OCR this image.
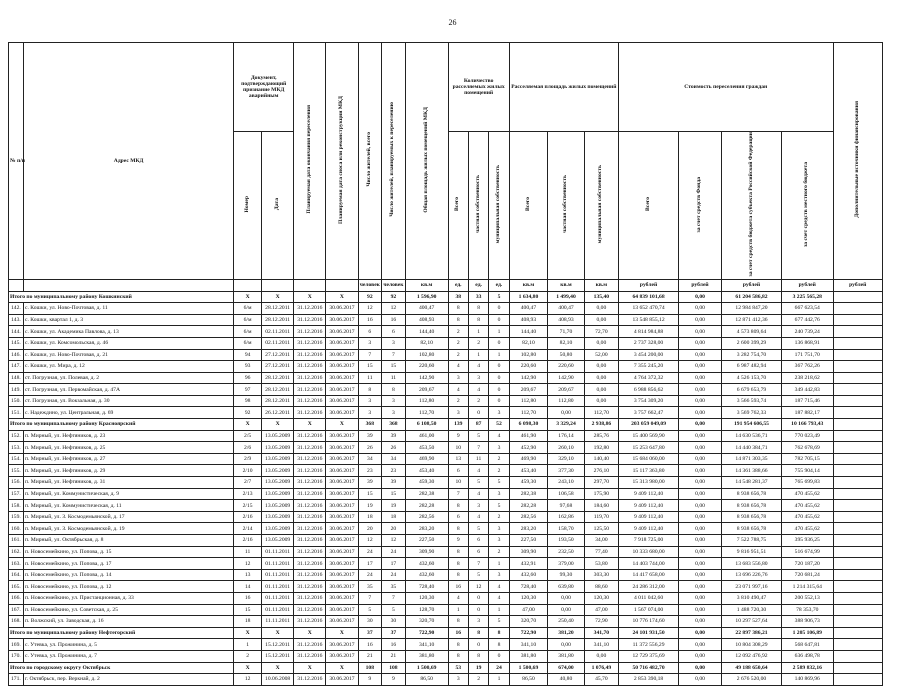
26
№ п/п	Адрес МКД	Документ, подтверждающий признание МКД аварийным		Планируемая дата окончания переселения	Планируемая дата сноса или реконструкции МКД	Число жителей, всего	Число жителей, планируемых к переселению	Общая площадь жилых помещений МКД	Количество расселяемых жилых помещений			Расселяемая площадь жилых помещений			Стоимость переселения граждан				Дополнительные источники финансирования
		Номер	Дата						Всего	частная собственность	муниципальная собственность	Всего	частная собственность	муниципальная собственность	Всего	за счет средств Фонда	за счет средств бюджета субъекта Российской Федерации	за счет средств местного бюджета	
						человек	человек	кв.м	ед.	ед.	ед.	кв.м	кв.м	кв.м	рублей	рублей	рублей	рублей	рублей
Итого по муниципальному району Кошкинский		X	X	X	X	92	92	1 596,90	38	33	5	1 634,80	1 499,40	135,40	64 839 101,68	0,00	61 204 586,82	3 225 565,28	
142.	с. Кошки, ул. Ново-Почтовая, д. 11	6/м	28.12.2011	31.12.2016	30.06.2017	12	12	400,47	8	8	0	400,47	400,47	0,00	13 652 470,74	0,00	12 984 847,20	667 623,54	
143.	с. Кошки, квартал 1, д. 3	6/м	28.12.2011	31.12.2016	30.06.2017	16	16	408,93	8	8	0	408,93	408,93	0,00	13 548 855,12	0,00	12 871 412,36	677 442,76	
144.	с. Кошки, ул. Академика Павлова, д. 13	6/м	02.11.2011	31.12.2016	30.06.2017	6	6	144,40	2	1	1	144,40	71,70	72,70	4 814 984,88	0,00	4 573 809,64	240 739,24	
145.	с. Кошки, ул. Комсомольская, д. 46	6/м	02.11.2011	31.12.2016	30.06.2017	3	3	82,10	2	2	0	82,10	82,10	0,00	2 737 328,00	0,00	2 600 399,29	136 868,91	
146.	с. Кошки, ул. Ново-Почтовая, д. 21	94	27.12.2011	31.12.2016	30.06.2017	7	7	102,80	2	1	1	102,80	50,80	52,00	3 454 200,00	0,00	3 282 754,70	171 751,70	
147.	с. Кошки, ул. Мира, д. 12	93	27.12.2011	31.12.2016	30.06.2017	15	15	220,60	4	4	0	220,60	220,60	0,00	7 355 245,20	0,00	6 987 482,94	367 762,26	
148.	ст. Погрузная, ул. Полевая, д. 2	96	28.12.2011	31.12.2016	30.06.2017	11	11	142,90	3	3	0	142,90	142,90	0,00	4 764 372,32	0,00	4 526 153,70	238 218,62	
149.	ст. Погрузная, ул. Первомайская, д. 47А	97	28.12.2011	31.12.2016	30.06.2017	8	8	209,67	4	4	0	209,67	209,67	0,00	6 988 856,62	0,00	6 679 653,79	349 442,83	
150.	ст. Погрузная, ул. Вокзальная, д. 30	98	28.12.2011	31.12.2016	30.06.2017	3	3	112,80	2	2	0	112,80	112,80	0,00	3 754 309,20	0,00	3 566 593,74	187 715,46	
151.	с. Надеждино, ул. Центральная, д. 69	92	26.12.2011	31.12.2016	30.06.2017	3	3	112,70	3	0	3	112,70	0,00	112,70	3 757 662,47	0,00	3 569 762,33	187 882,17	
Итого по муниципальному району Красноярский		X	X	X	X	368	368	6 108,50	139	87	52	6 098,30	3 329,24	2 938,86	203 059 049,09	0,00	191 954 606,55	10 166 793,43	
152.	п. Мирный, ул. Нефтяников, д. 23	2/5	13.05.2009	31.12.2016	30.06.2017	39	39	461,00	9	5	4	461,90	176,14	285,76	15 400 569,90	0,00	14 630 536,71	770 023,49	
153.	п. Мирный, ул. Нефтяников, д. 25	2/6	13.05.2009	31.12.2016	30.06.2017	26	26	453,50	10	7	3	452,90	260,10	192,80	15 253 647,80	0,00	14 440 384,71	762 678,69	
154.	п. Мирный, ул. Нефтяников, д. 27	2/9	13.05.2009	31.12.2016	30.06.2017	34	34	469,90	13	11	2	469,90	329,10	140,40	15 684 060,00	0,00	14 871 303,35	782 705,15	
155.	п. Мирный, ул. Нефтяников, д. 29	2/10	13.05.2009	31.12.2016	30.06.2017	23	23	453,40	6	4	2	453,40	377,30	276,10	15 117 363,80	0,00	14 361 388,66	755 904,14	
156.	п. Мирный, ул. Нефтяников, д. 31	2/7	13.05.2009	31.12.2016	30.06.2017	39	39	459,30	10	5	5	459,30	243,10	297,70	15 313 980,00	0,00	14 548 281,37	765 699,83	
157.	п. Мирный, ул. Коммунистическая, д. 9	2/13	13.05.2009	31.12.2016	30.06.2017	15	15	282,38	7	4	3	282,38	106,58	175,90	9 409 112,40	0,00	8 938 656,78	470 455,62	
158.	п. Мирный, ул. Коммунистическая, д. 11	2/15	13.05.2009	31.12.2016	30.06.2017	19	19	282,28	8	3	5	282,28	97,68	184,60	9 409 112,40	0,00	8 938 656,78	470 455,62	
159.	п. Мирный, ул. З. Космодемьянской, д. 17	2/16	13.05.2009	31.12.2016	30.06.2017	18	18	282,56	6	4	2	282,56	162,86	119,70	9 409 112,40	0,00	8 938 656,78	470 455,62	
160.	п. Мирный, ул. З. Космодемьянской, д. 19	2/14	13.05.2009	31.12.2016	30.06.2017	20	20	283,20	8	5	3	283,20	158,70	125,50	9 409 112,40	0,00	8 938 656,78	470 455,62	
161.	п. Мирный, ул. Октябрьская, д. 8	2/16	13.05.2009	31.12.2016	30.06.2017	12	12	227,50	9	6	3	227,50	193,50	34,00	7 918 725,00	0,00	7 522 788,75	395 936,25	
162.	п. Новосемейкино, ул. Попова, д. 15	11	01.11.2011	31.12.2016	30.06.2017	24	24	309,90	8	6	2	309,90	232,50	77,40	10 333 680,00	0,00	9 816 951,51	516 674,99	
163.	п. Новосемейкино, ул. Попова, д. 17	12	01.11.2011	31.12.2016	30.06.2017	17	17	432,60	8	7	1	432,91	379,00	53,80	14 403 744,00	0,00	13 683 556,80	720 187,20	
164.	п. Новосемейкино, ул. Попова, д. 14	13	01.11.2011	31.12.2016	30.06.2017	24	24	432,60	8	5	3	432,60	99,30	303,30	14 417 658,00	0,00	13 696 226,76	720 681,24	
165.	п. Новосемейкино, ул. Попова, д. 12	14	01.11.2011	31.12.2016	30.06.2017	35	35	728,40	16	12	4	728,40	639,80	88,60	24 286 312,00	0,00	23 071 997,16	1 214 315,64	
166.	п. Новосемейкино, ул. Пристанционная, д. 33	16	01.11.2011	31.12.2016	30.06.2017	7	7	120,30	4	0	4	120,30	0,00	120,30	4 011 042,60	0,00	3 810 490,47	200 552,13	
167.	п. Новосемейкино, ул. Советская, д. 25	15	01.11.2011	31.12.2016	30.06.2017	5	5	128,70	1	0	1	47,00	0,00	47,00	1 567 074,00	0,00	1 488 720,30	78 353,70	
168.	п. Волжский, ул. Заводская, д. 16	18	11.11.2011	31.12.2016	30.06.2017	30	30	320,70	8	3	5	320,70	250,40	72,90	10 776 174,60	0,00	10 297 527,64	388 906,73	
Итого по муниципальному району Нефтегорский		X	X	X	X	37	37	722,90	16	8	8	722,90	381,20	341,70	24 101 931,50	0,00	22 897 386,21	1 205 106,89	
169.	с. Утевка, ул. Прожинина, д. 5	1	15.12.2011	31.12.2016	30.06.2017	16	16	341,10	8	0	8	341,10	0,00	341,10	11 372 556,29	0,00	10 804 308,29	568 647,81	
170.	с. Утевка, ул. Прожинина, д. 7	2	15.12.2011	31.12.2016	30.06.2017	21	21	381,80	8	8	0	381,80	381,80	0,00	12 729 375,69	0,00	12 092 476,92	636 498,78	
Итого по городскому округу Октябрьск		X	X	X	X	108	108	1 500,69	53	19	24	1 500,69	674,00	1 076,49	50 716 482,70	0,00	49 188 650,64	2 589 832,16	
171.	г. Октябрьск, пер. Веркнай, д. 2	12	10.06.2008	31.12.2016	30.06.2017	9	9	86,50	3	2	1	86,50	40,80	45,70	2 853 390,18	0,00	2 676 520,00	140 869,96	
